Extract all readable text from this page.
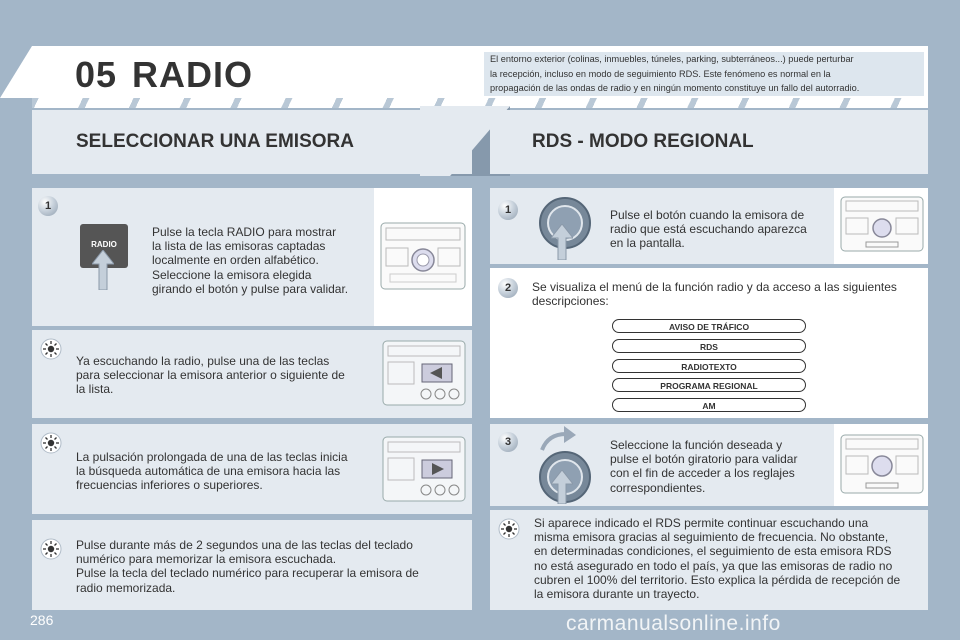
05 RADIO	El entorno exterior (colinas, inmuebles, túneles, parking, subterráneos...) puede perturbar
la recepción, incluso en modo de seguimiento RDS. Este fenómeno es normal en la
propagación de las ondas de radio y en ningún momento constituye un fallo del autorradio.
SELECCIONAR UNA EMISORA	RDS - MODO REGIONAL
1
RADIO
Pulse la tecla RADIO para mostrar
la lista de las emisoras captadas
localmente en orden alfabético.
Seleccione la emisora elegida
girando el botón y pulse para validar.
Ya escuchando la radio, pulse una de las teclas
para seleccionar la emisora anterior o siguiente de
la lista.
La pulsación prolongada de una de las teclas inicia
la búsqueda automática de una emisora hacia las
frecuencias inferiores o superiores.
Pulse durante más de 2 segundos una de las teclas del teclado
numérico para memorizar la emisora escuchada.
Pulse la tecla del teclado numérico para recuperar la emisora de
radio memorizada.
1	Pulse el botón cuando la emisora de
radio que está escuchando aparezca
en la pantalla.
2	Se visualiza el menú de la función radio y da acceso a las siguientes
descripciones:
AVISO DE TRÁFICO
RDS
RADIOTEXTO
PROGRAMA REGIONAL
AM
3	Seleccione la función deseada y
pulse el botón giratorio para validar
con el fin de acceder a los reglajes
correspondientes.
Si aparece indicado el RDS permite continuar escuchando una
misma emisora gracias al seguimiento de frecuencia. No obstante,
en determinadas condiciones, el seguimiento de esta emisora RDS
no está asegurado en todo el país, ya que las emisoras de radio no
cubren el 100% del territorio. Esto explica la pérdida de recepción de
la emisora durante un trayecto.
286	carmanualsonline.info
